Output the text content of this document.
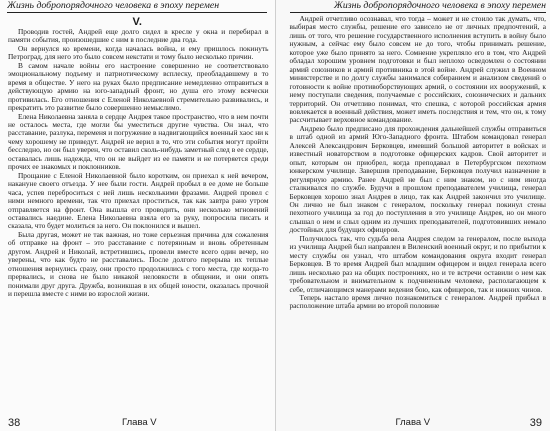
Жизнь добропорядочного человека в эпоху перемен
V.

Проводив гостей, Андрей еще долго сидел в кресле у окна и перебирал в памяти события, произошедшие с ним в последние два года.

Он вернулся ко времени, когда началась война, и ему пришлось покинуть Петроград, для него это было совсем некстати и тому было несколько причин.

В самом начале войны его настроение совершенно не соответствовало эмоциональному подъему и патриотическому всплеску, преобладавшему в то время в обществе. У него на руках было предписание немедленно отправиться в действующую армию на юго-западный фронт, но душа его этому всячески противилась. Его отношения с Еленой Николаевной стремительно развивались, и прекратить это развитие было совершенно немыслимо.

Елена Николаевна заняла в сердце Андрея такое пространство, что в нем почти не осталось места, где могли бы уместиться другие чувства. Он знал, что расставание, разлука, переменя и погружение в надвигающийся военный хаос ни к чему хорошему не приведут. Андрей не верил в то, что эти события могут пройти бесследно, но он был уверен, что оставил сколь-нибудь заметный след в ее сердце, оставалась лишь надежда, что он не выйдет из ее памяти и не потеряется среди прочих ее знакомых и поклонников.

Прощание с Еленой Николаевной было коротким, он приехал к ней вечером, накануне своего отъезда. У нее были гости. Андрей пробыл в ее доме не больше часа, успев переброситься с ней лишь несколькими фразами. Андрей провел с ними немного времени, так что приехал проститься, так как завтра рано утром отправляется на фронт. Она вышла его проводить, они несколько мгновений оставались наедине. Елена Николаевна взяла его за руку, попросила писать и сказала, что будет молиться за него. Он поклонился и вышел.

Была другая, может не так важная, но тоже серьезная причина для сожаления об отправке на фронт – это расставание с потерянным и вновь обретенным другом. Андрей и Николай, встретившись, провели вместе всего один вечер, но уверены, что как будто не расставались. После долгого перерыва их теплые отношения вернулись сразу, они просто продолжились с того места, где когда-то прервались, и снова не было никакой неловкости в общении, и они опять понимали друг друга. Дружба, возникшая в их общей юности, оказалась прочной и перешла вместе с ними во взрослой жизни.

38	Глава V
Жизнь добропорядочного человека в эпоху перемен

Андрей отчетливо осознавал, что тогда – может и не стоило так думать, что, выбирая место службы, решение его зависело не от личных предпочтений, а лишь от того, что решение государственного исполнения вступить в войну было нужным, а сейчас ему было совсем не до того, чтобы принимать решение, которое уже было принято за него. Сомнение укрепляло его в том, что Андрей обладал хорошим уровнем подготовки и был неплохо осведомлен о состоянии армий союзников и армий противника в этой войне. Андрей служил в Военном министерстве и по долгу службы занимался собиранием и анализом сведений о готовности к войне противоборствующих армий, о состоянии их вооружений, к нему поступали сведения, получаемые с российских, союзнических и дальних территорий. Он отчетливо понимал, что спешка, с которой российская армия вовлекается в военный действия, может иметь последствия и тем, что он, к тому рассчитывает верховное командование.

Андрею было предписано для прохождения дальнейшей службы отправиться в штаб одной из армий Юго-Западного фронта. Штабом командовал генерал Алексей Александрович Берковцев, имевший большой авторитет в войсках и известный новаторством в подготовке офицерских кадров. Свой авторитет и опыт, которым он приобрел, когда преподавал в Петербургском пехотном юнкерском училище. Завершив преподавание, Берковцев получил назначение в регулярную армию. Ранее Андрей не был с ним знаком, но с ним иногда сталкивался по службе. Будучи в прошлом преподавателем училища, генерал Берковцев хорошо знал Андрея в лицо, так как Андрей закончил это училище. Он лично не был знаком с генералом, поскольку генерал покинул стены пехотного училища за год до поступления в это училище Андрея, но он много слышал о нем и слыл одним из лучших преподавателей, подготовивших немало достойных для будущих офицеров.

Получилось так, что судьба вела Андрея следом за генералом, после выхода из училища Андрей был направлен в Виленский военный округ, и по прибытии к месту службы он узнал, что штабом командования округа входит генерал Берковцев. В то время Андрей был младшим офицером и видел генерала всего лишь несколько раз на общих построениях, но и те встречи оставили о нем как требовательном и внимательном к подчиненным человеке, располагающем к себе, отличающимся манерами ведения бою, как офицеров, так и нижних чинов.

Теперь настало время лично познакомиться с генералом. Андрей прибыл в расположение штаба армии во второй половине

Глава V	39
